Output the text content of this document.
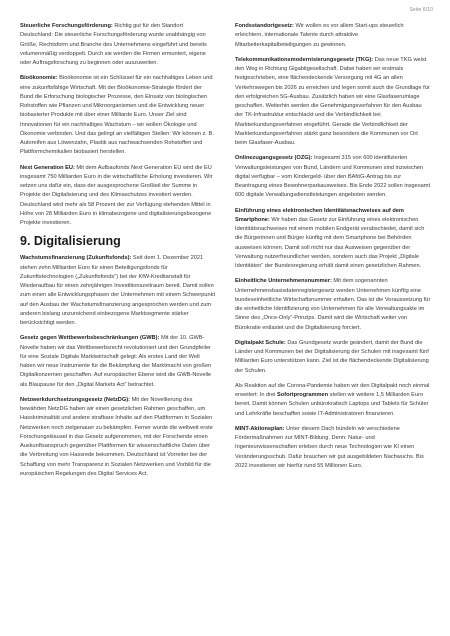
Seite 6/10

Steuerliche Forschungsförderung: Richtig gut für den Standort Deutschland: Die steuerliche Forschungsförderung wurde unabhängig von Größe, Rechtsform und Branche des Unternehmens eingeführt und bereits volumenmäßig verdoppelt. Durch sie werden die Firmen ermuntert, eigene oder Auftragsforschung zu beginnen oder auszuweiten.

Bioökonomie: Bioökonomie ist ein Schlüssel für ein nachhaltiges Leben und eine zukunftsfähige Wirtschaft. Mit der Bioökonomie-Strategie fördert der Bund die Erforschung biologischer Prozesse, den Einsatz von biologischen Rohstoffen wie Pflanzen und Mikroorganismen und die Entwicklung neuer biobasierter Produkte mit über einer Milliarde Euro. Unser Ziel sind Innovationen für ein nachhaltiges Wachstum – wir wollen Ökologie und Ökonomie verbinden. Und das gelingt an vielfältigen Stellen: Wir können z. B. Autoreifen aus Löwenzahn, Plastik aus nachwachsenden Rohstoffen und Plattformchemikalien biobasiert herstellen.

Next Generation EU: Mit dem Aufbaufonds Next Generation EU wird die EU insgesamt 750 Milliarden Euro in die wirtschaftliche Erholung investieren. Wir setzen uns dafür ein, dass der ausgesprochene Großteil der Summe in Projekte der Digitalisierung und des Klimaschutzes investiert werden. Deutschland wird mehr als 58 Prozent der zur Verfügung stehenden Mittel in Höhe von 28 Milliarden Euro in klimabezogene und digitalisierungsbezogene Projekte investieren.

9. Digitalisierung

Wachstumsfinanzierung (Zukunftsfonds): Seit dem 1. Dezember 2021 stehen zehn Milliarden Euro für einen Beteiligungsfonds für Zukunftstechnologien („Zukunftsfonds“) bei der KfW-Kreditanstalt für Wiederaufbau für einen zehnjährigen Investitionszeitraum bereit. Damit sollen zum einen alle Entwicklungsphasen der Unternehmen mit einem Schwerpunkt auf den Ausbau der Wachstumsfinanzierung angesprochen werden und zum anderen bislang unzureichend einbezogene Marktsegmente stärker berücksichtigt werden.

Gesetz gegen Wettbewerbsbeschränkungen (GWB): Mit der 10. GWB-Novelle haben wir das Wettbewerbsrecht revolutioniert und den Grundpfeiler für eine Soziale Digitale Marktwirtschaft gelegt: Als erstes Land der Welt haben wir neue Instrumente für die Bekämpfung der Marktmacht von großen Digitalkonzernen geschaffen. Auf europäischer Ebene wird die GWB-Novelle als Blaupause für den „Digital Markets Act“ betrachtet.

Netzwerkdurchsetzungsgesetz (NetzDG): Mit der Novellierung des bewährten NetzDG haben wir einen gesetzlichen Rahmen geschaffen, um Hasskriminalität und andere strafbare Inhalte auf den Plattformen in Sozialen Netzwerken noch zielgenauer zu bekämpfen. Ferner wurde die weltweit erste Forschungsklausel in das Gesetz aufgenommen, mit der Forschende einen Auskunftsanspruch gegenüber Plattformen für wissenschaftliche Daten über die Verbreitung von Hassrede bekommen. Deutschland ist Vorreiter bei der Schaffung von mehr Transparenz in Sozialen Netzwerken und Vorbild für die europäischen Regelungen des Digital Services Act.

Fondsstandortgesetz: Wir wollen es vor allem Start-ups steuerlich erleichtern, internationale Talente durch attraktive Mitarbeiterkapitalbeteiligungen zu gewinnen.

Telekommunikationsmodernisierungsgesetz (TKG): Das neue TKG weist den Weg in Richtung Gigabitgesellschaft. Dabei haben wir erstmals festgeschrieben, eine flächendeckende Versorgung mit 4G an allen Verkehrswegen bis 2026 zu erreichen und legen somit auch die Grundlage für den erfolgreichen 5G-Ausbau. Zusätzlich haben wir eine Glasfaserumlage geschaffen. Weiterhin werden die Genehmigungsverfahren für den Ausbau der TK-Infrastruktur entschlackt und die Verbindlichkeit bei Markterkundungsverfahren eingeführt. Gerade die Verbindlichkeit der Markterkundungsverfahren stärkt ganz besonders die Kommunen vor Ort beim Glasfaser-Ausbau.

Onlinezugangsgesetz (OZG): Insgesamt 315 von 600 identifizierten Verwaltungsleistungen von Bund, Ländern und Kommunen sind inzwischen digital verfügbar – vom Kindergeld- über den BAföG-Antrag bis zur Beantragung eines Bewohnerparkausweises. Bis Ende 2022 sollen insgesamt 600 digitale Verwaltungsdienstleistungen angeboten werden.

Einführung eines elektronischen Identitätsnachweises auf dem Smartphone: Wir haben das Gesetz zur Einführung eines elektronischen Identitätsnachweises mit einem mobilen Endgerät verabschiedet, damit sich die Bürgerinnen und Bürger künftig mit dem Smartphone bei Behörden ausweisen können. Damit soll nicht nur das Ausweisen gegenüber der Verwaltung nutzerfreundlicher werden, sondern auch das Projekt „Digitale Identitäten“ der Bundesregierung erhält damit einen gesetzlichen Rahmen.

Einheitliche Unternehmensnummer: Mit dem sogenannten Unternehmensbasisdatenregistergesetz werden Unternehmen künftig eine bundeseinheitliche Wirtschaftsnummer erhalten. Das ist die Voraussetzung für die einheitliche Identifizierung von Unternehmen für alle Verwaltungsakte im Sinne des „Once-Only“-Prinzips. Damit wird die Wirtschaft weiter von Bürokratie entlastet und die Digitalisierung forciert.

Digitalpakt Schule: Das Grundgesetz wurde geändert, damit der Bund die Länder und Kommunen bei der Digitalisierung der Schulen mit insgesamt fünf Milliarden Euro unterstützen kann. Ziel ist die flächendeckende Digitalisierung der Schulen.

Als Reaktion auf die Corona-Pandemie haben wir den Digitalpakt noch einmal erweitert: In drei Sofortprogrammen stellen wir weitere 1,5 Milliarden Euro bereit. Damit können Schulen unbürokratisch Laptops und Tablets für Schüler und Lehrkräfte beschaffen sowie IT-Administratoren finanzieren.

MINT-Aktionsplan: Unter diesem Dach bündeln wir verschiedene Fördermaßnahmen zur MINT-Bildung. Denn: Natur- und Ingenieurwissenschaften erleben durch neue Technologien wie KI einen Veränderungsschub. Dafür brauchen wir gut ausgebildeten Nachwuchs. Bis 2022 investieren wir hierfür rund 55 Millionen Euro.
